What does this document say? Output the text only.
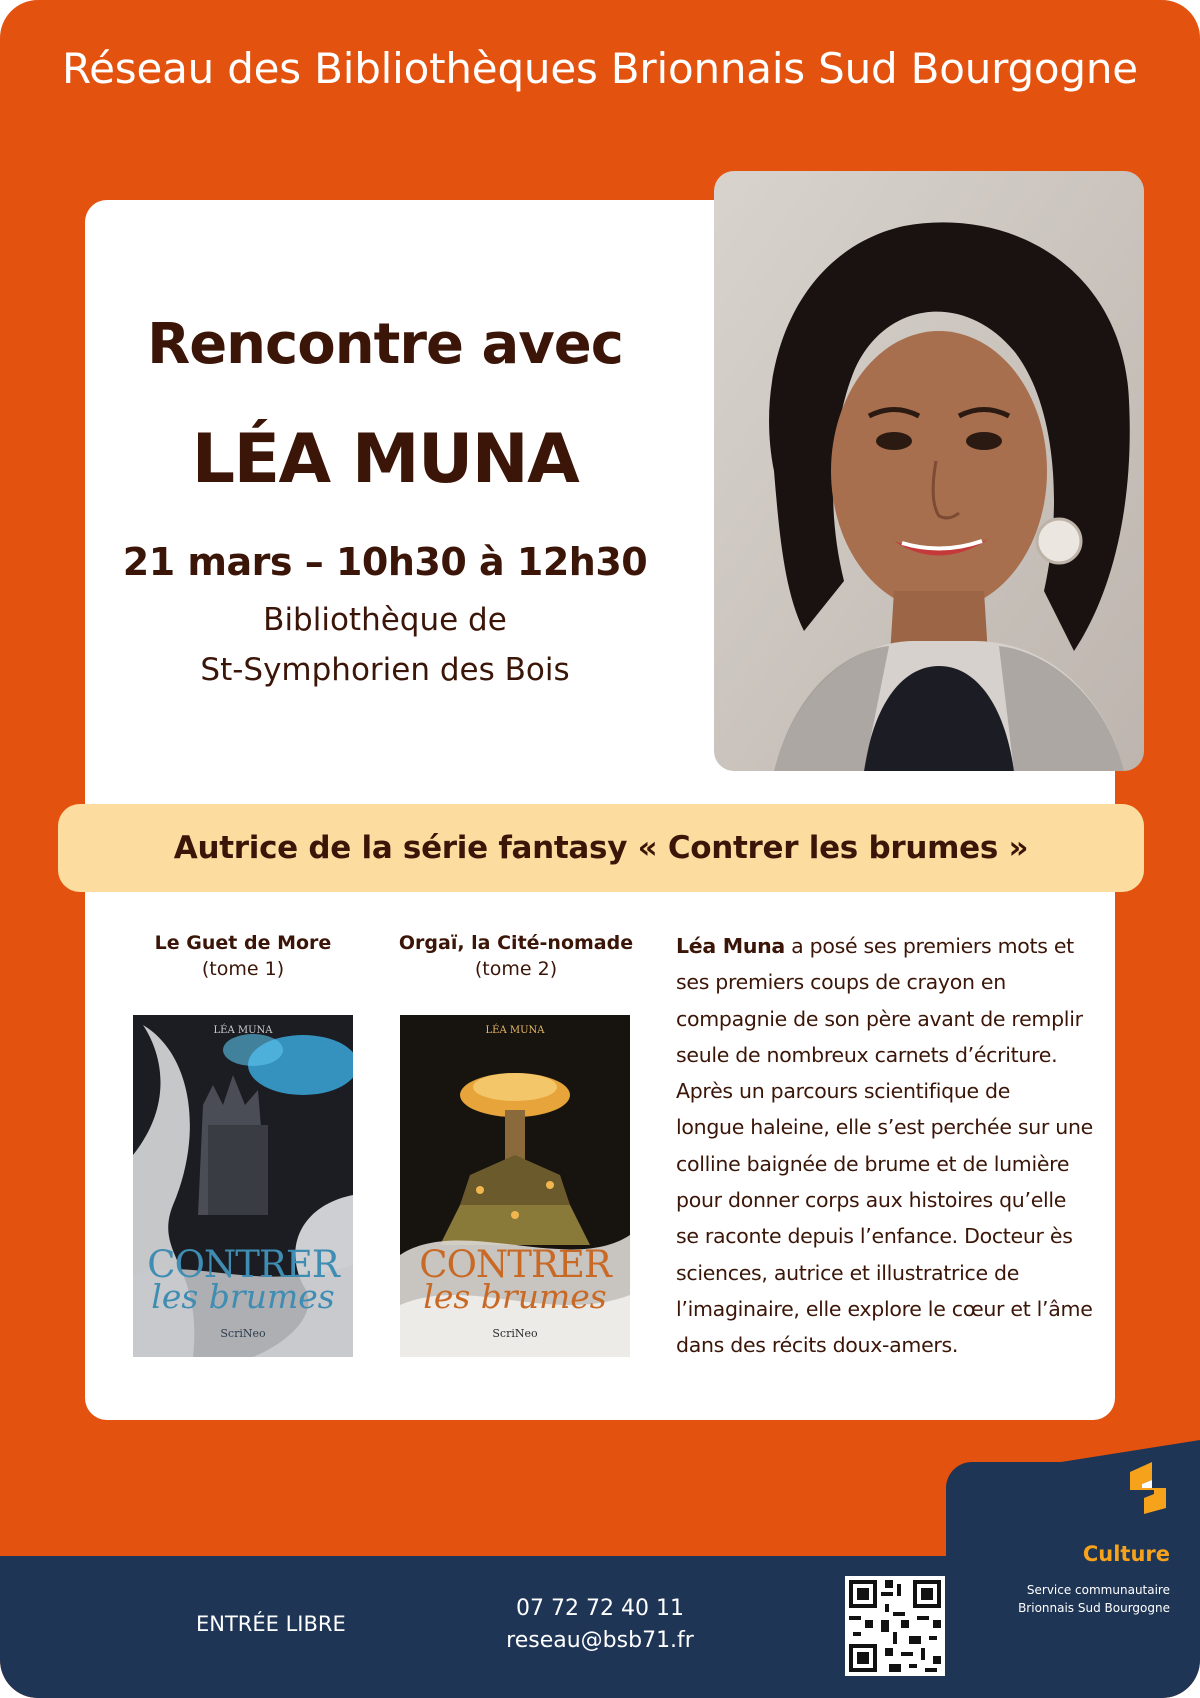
Réseau des Bibliothèques Brionnais Sud Bourgogne
Rencontre avec
LÉA MUNA
21 mars – 10h30 à 12h30
Bibliothèque de
St-Symphorien des Bois
Autrice de la série fantasy « Contrer les brumes »
Le Guet de More
(tome 1)
Orgaï, la Cité-nomade
(tome 2)
LÉA MUNA
CONTRER
les brumes
ScriNeo
LÉA MUNA
CONTRER
les brumes
ScriNeo
Léa Muna a posé ses premiers mots et
ses premiers coups de crayon en
compagnie de son père avant de remplir
seule de nombreux carnets d’écriture.
Après un parcours scientifique de
longue haleine, elle s’est perchée sur une
colline baignée de brume et de lumière
pour donner corps aux histoires qu’elle
se raconte depuis l’enfance. Docteur ès
sciences, autrice et illustratrice de
l’imaginaire, elle explore le cœur et l’âme
dans des récits doux-amers.
ENTRÉE LIBRE
07 72 72 40 11
reseau@bsb71.fr
Culture
Service communautaire
Brionnais Sud Bourgogne
